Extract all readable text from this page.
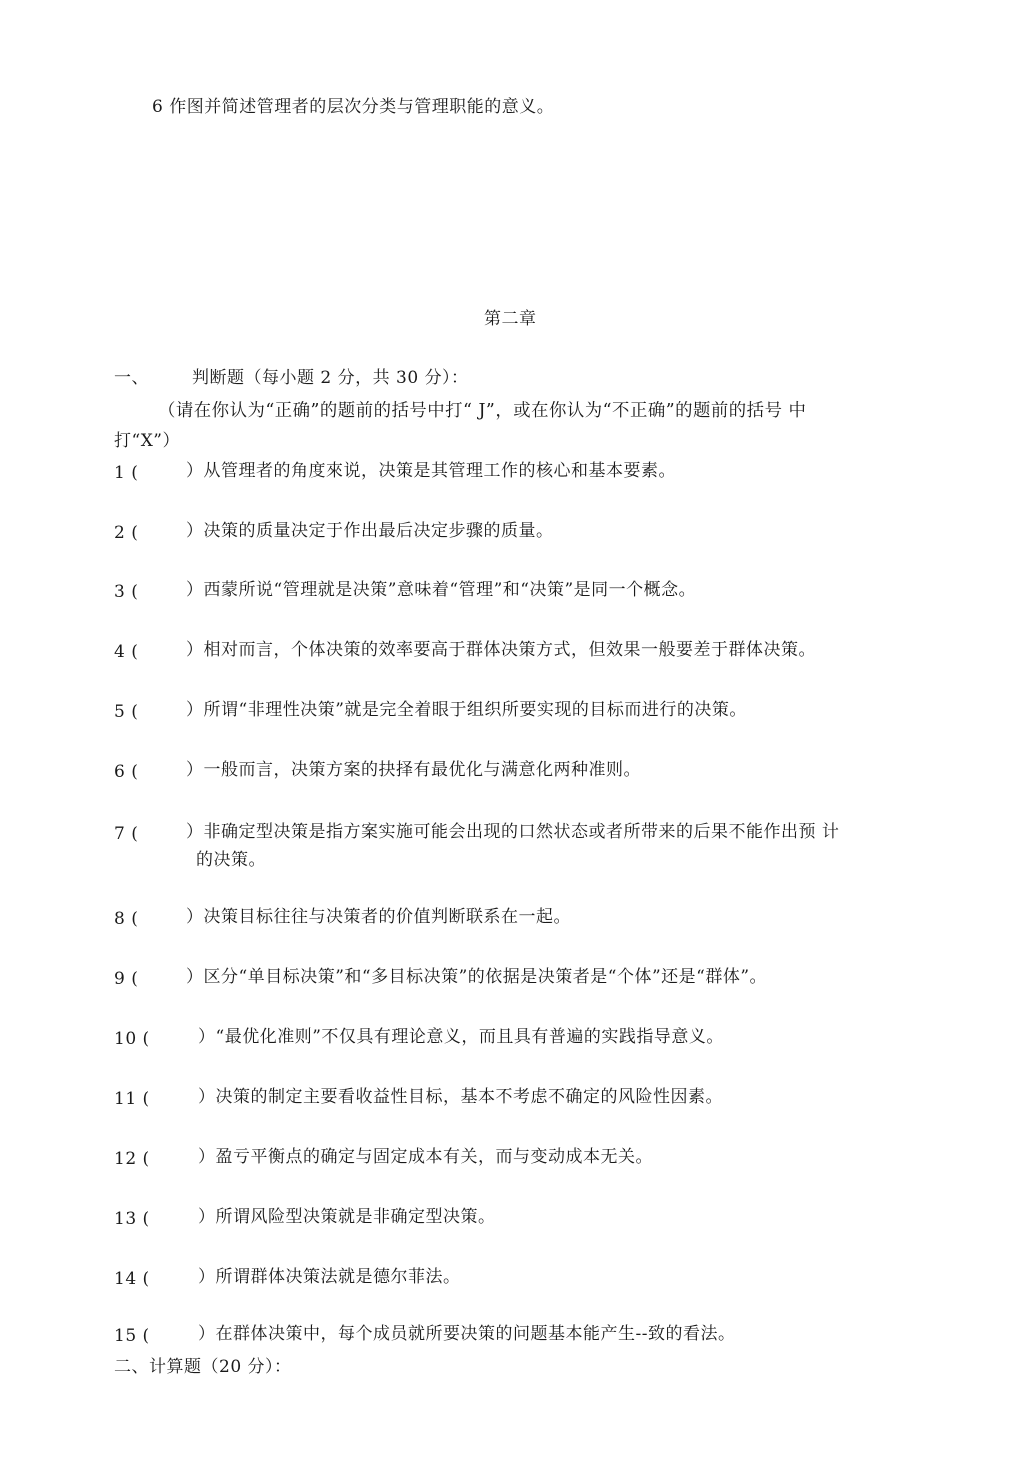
6 作图并简述管理者的层次分类与管理职能的意义。
第二章
一、	判断题（每小题 2 分，共 30 分）：
（请在你认为“正确”的题前的括号中打“ J”，或在你认为“不正确”的题前的括号 中
打“X”）
1 (	）从管理者的角度來说，决策是其管理工作的核心和基本要素。
2 (	）决策的质量决定于作出最后决定步骤的质量。
3 (	）西蒙所说“管理就是决策”意味着“管理”和“决策”是同一个概念。
4 (	）相对而言，个体决策的效率要高于群体决策方式，但效果一般要差于群体决策。
5 (	）所谓“非理性决策”就是完全着眼于组织所要实现的目标而进行的决策。
6 (	）一般而言，决策方案的抉择有最优化与满意化两种准则。
7 (	）非确定型决策是指方案实施可能会出现的口然状态或者所带来的后果不能作出预 计
的决策。
8 (	）决策目标往往与决策者的价值判断联系在一起。
9 (	）区分“单目标决策”和“多目标决策”的依据是决策者是“个体”还是“群体”。
10 (	）“最优化准则”不仅具有理论意义，而且具有普遍的实践指导意义。
11 (	）决策的制定主要看收益性目标，基本不考虑不确定的风险性因素。
12 (	）盈亏平衡点的确定与固定成本有关，而与变动成本无关。
13 (	）所谓风险型决策就是非确定型决策。
14 (	）所谓群体决策法就是德尔菲法。
15 (	）在群体决策中，每个成员就所要决策的问题基本能产生--致的看法。
二、计算题（20 分）：
